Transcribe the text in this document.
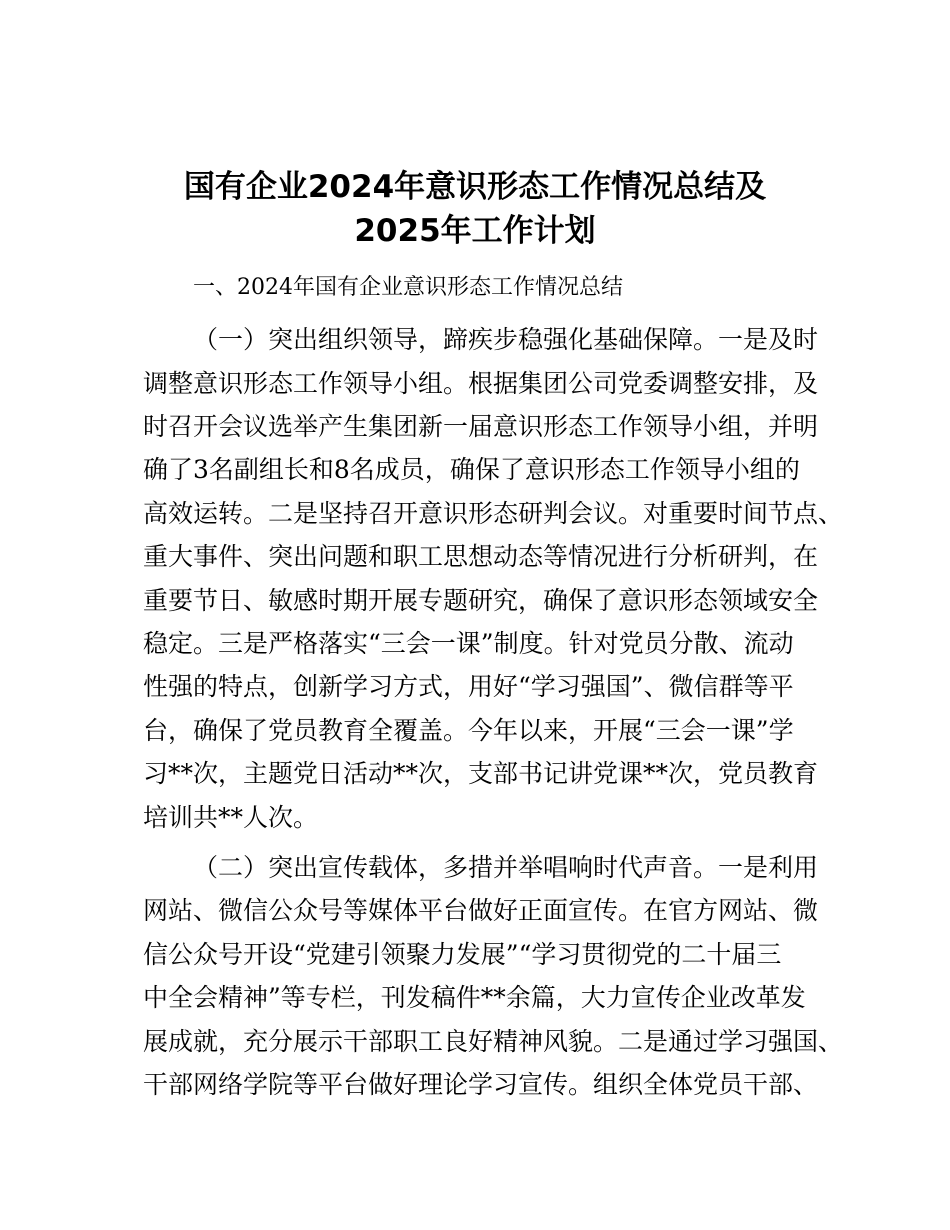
国有企业2024年意识形态工作情况总结及
2025年工作计划
一、2024年国有企业意识形态工作情况总结
（一）突出组织领导，蹄疾步稳强化基础保障。一是及时
调整意识形态工作领导小组。根据集团公司党委调整安排，及
时召开会议选举产生集团新一届意识形态工作领导小组，并明
确了3名副组长和8名成员，确保了意识形态工作领导小组的
高效运转。二是坚持召开意识形态研判会议。对重要时间节点、
重大事件、突出问题和职工思想动态等情况进行分析研判，在
重要节日、敏感时期开展专题研究，确保了意识形态领域安全
稳定。三是严格落实“三会一课”制度。针对党员分散、流动
性强的特点，创新学习方式，用好“学习强国”、微信群等平
台，确保了党员教育全覆盖。今年以来，开展“三会一课”学
习**次，主题党日活动**次，支部书记讲党课**次，党员教育
培训共**人次。
（二）突出宣传载体，多措并举唱响时代声音。一是利用
网站、微信公众号等媒体平台做好正面宣传。在官方网站、微
信公众号开设“党建引领聚力发展”“学习贯彻党的二十届三
中全会精神”等专栏，刊发稿件**余篇，大力宣传企业改革发
展成就，充分展示干部职工良好精神风貌。二是通过学习强国、
干部网络学院等平台做好理论学习宣传。组织全体党员干部、
